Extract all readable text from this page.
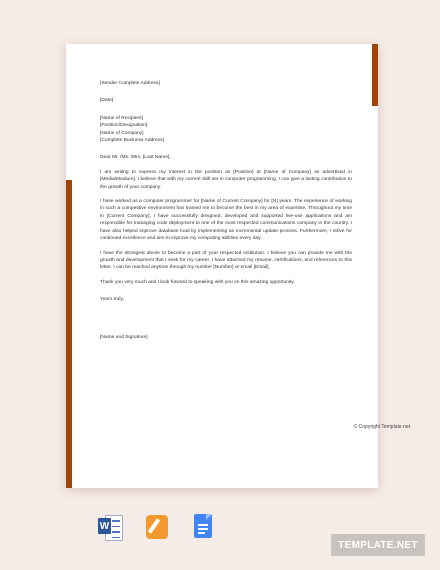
[Sender Complete Address]

[Date]

[Name of Recipient]

[Position/Designation]

[Name of Company]

[Complete Business Address]

Dear Mr. /Ms. /Mrs. [Last Name],

I am writing to express my interest in the position as [Position] at [Name of Company] as advertised in [Media/Medium]. I believe that with my current skill set in computer programming, I can give a lasting contribution to the growth of your company.

I have worked as a computer programmer for [Name of Current Company] for [N] years. The experience of working in such a competitive environment has trained me to become the best in my area of expertise. Throughout my time in [Current Company], I have successfully designed, developed and supported live-use applications and am responsible for managing code deployment to one of the most respected communications company in the country. I have also helped improve database load by implementing an incremental update process. Furthermore, I strive for continued excellence and aim to improve my computing abilities every day.

I have the strongest desire to become a part of your respected institution. I believe you can provide me with the growth and development that I seek for my career. I have attached my resume, certifications, and references to this letter. I can be reached anytime through my number [Number] or email [Email].

Thank you very much and I look forward to speaking with you on this amazing opportunity.

Yours truly,

[Name and Signature]

© Copyright Template.net
W
TEMPLATE.NET
